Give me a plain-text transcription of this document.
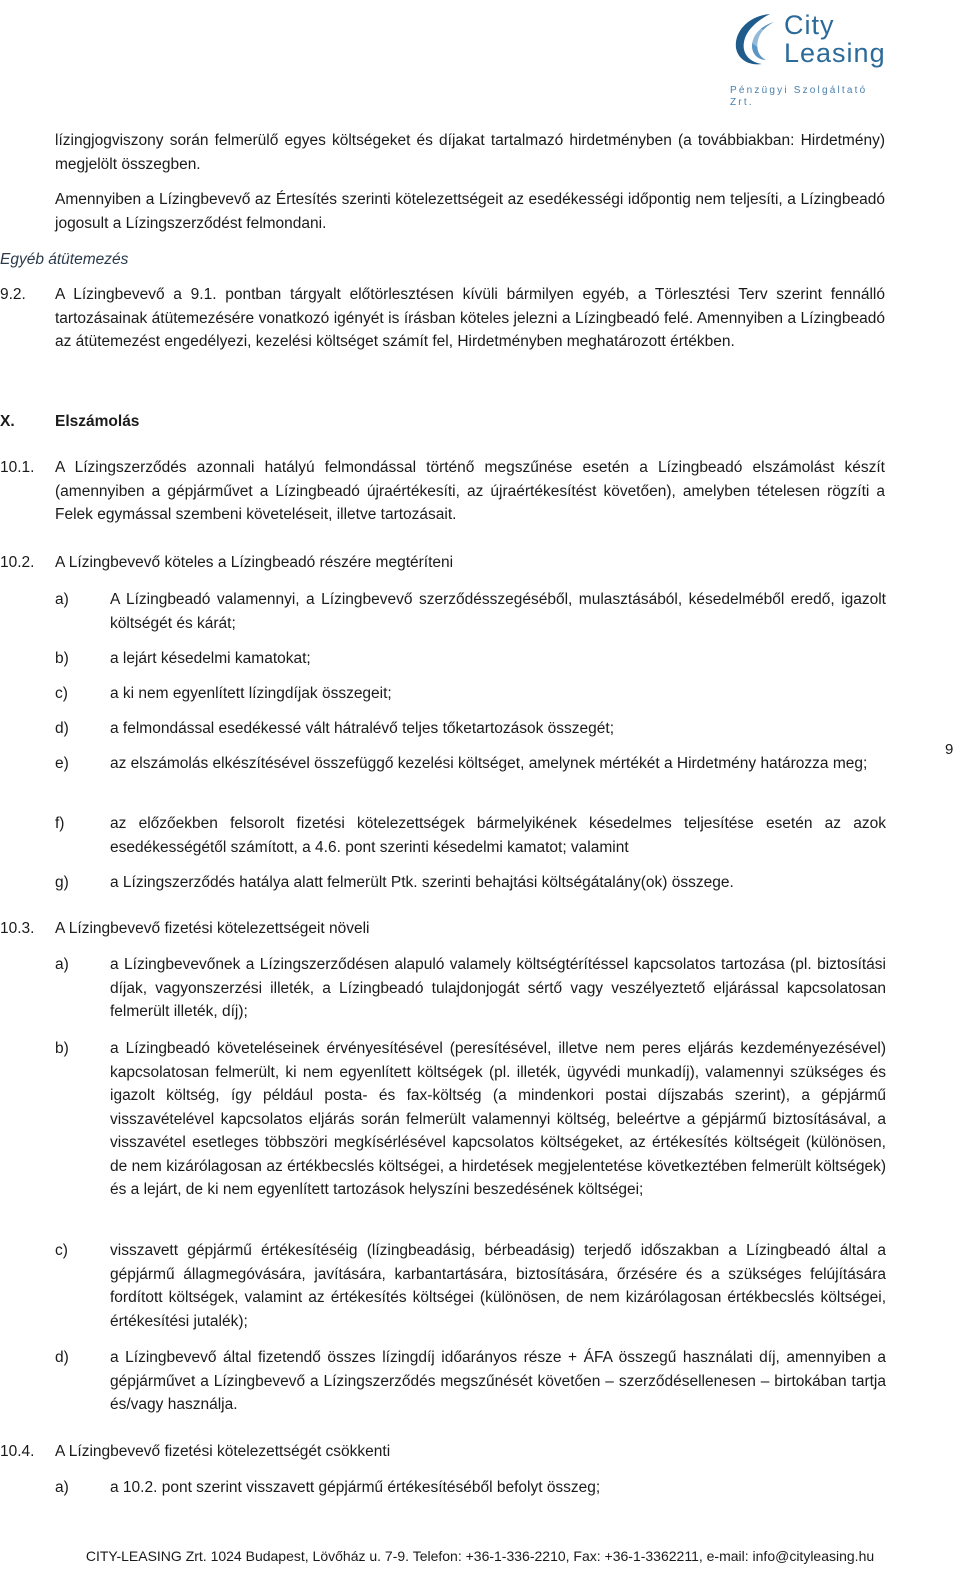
City
Leasing
Pénzügyi Szolgáltató Zrt.
lízingjogviszony során felmerülő egyes költségeket és díjakat tartalmazó hirdetményben (a továbbiakban: Hirdetmény) megjelölt összegben.
Amennyiben a Lízingbevevő az Értesítés szerinti kötelezettségeit az esedékességi időpontig nem teljesíti, a Lízingbeadó jogosult a Lízingszerződést felmondani.
Egyéb átütemezés
9.2. A Lízingbevevő a 9.1. pontban tárgyalt előtörlesztésen kívüli bármilyen egyéb, a Törlesztési Terv szerint fennálló tartozásainak átütemezésére vonatkozó igényét is írásban köteles jelezni a Lízingbeadó felé. Amennyiben a Lízingbeadó az átütemezést engedélyezi, kezelési költséget számít fel, Hirdetményben meghatározott értékben.
X.	Elszámolás
10.1. A Lízingszerződés azonnali hatályú felmondással történő megszűnése esetén a Lízingbeadó elszámolást készít (amennyiben a gépjárművet a Lízingbeadó újraértékesíti, az újraértékesítést követően), amelyben tételesen rögzíti a Felek egymással szembeni követeléseit, illetve tartozásait.
10.2. A Lízingbevevő köteles a Lízingbeadó részére megtéríteni
a)	A Lízingbeadó valamennyi, a Lízingbevevő szerződésszegéséből, mulasztásából, késedelméből eredő, igazolt költségét és kárát;
b)	a lejárt késedelmi kamatokat;
c)	a ki nem egyenlített lízingdíjak összegeit;
d)	a felmondással esedékessé vált hátralévő teljes tőketartozások összegét;
e)	az elszámolás elkészítésével összefüggő kezelési költséget, amelynek mértékét a Hirdetmény határozza meg;
f)	az előzőekben felsorolt fizetési kötelezettségek bármelyikének késedelmes teljesítése esetén az azok esedékességétől számított, a 4.6. pont szerinti késedelmi kamatot; valamint
g)	a Lízingszerződés hatálya alatt felmerült Ptk. szerinti behajtási költségátalány(ok) összege.
10.3. A Lízingbevevő fizetési kötelezettségeit növeli
a)	a Lízingbevevőnek a Lízingszerződésen alapuló valamely költségtérítéssel kapcsolatos tartozása (pl. biztosítási díjak, vagyonszerzési illeték, a Lízingbeadó tulajdonjogát sértő vagy veszélyeztető eljárással kapcsolatosan felmerült illeték, díj);
b)	a Lízingbeadó követeléseinek érvényesítésével (peresítésével, illetve nem peres eljárás kezdeményezésével) kapcsolatosan felmerült, ki nem egyenlített költségek (pl. illeték, ügyvédi munkadíj), valamennyi szükséges és igazolt költség, így például posta- és fax-költség (a mindenkori postai díjszabás szerint), a gépjármű visszavételével kapcsolatos eljárás során felmerült valamennyi költség, beleértve a gépjármű biztosításával, a visszavétel esetleges többszöri megkísérlésével kapcsolatos költségeket, az értékesítés költségeit (különösen, de nem kizárólagosan az értékbecslés költségei, a hirdetések megjelentetése következtében felmerült költségek) és a lejárt, de ki nem egyenlített tartozások helyszíni beszedésének költségei;
c)	visszavett gépjármű értékesítéséig (lízingbeadásig, bérbeadásig) terjedő időszakban a Lízingbeadó által a gépjármű állagmegóvására, javítására, karbantartására, biztosítására, őrzésére és a szükséges felújítására fordított költségek, valamint az értékesítés költségei (különösen, de nem kizárólagosan értékbecslés költségei, értékesítési jutalék);
d)	a Lízingbevevő által fizetendő összes lízingdíj időarányos része + ÁFA összegű használati díj, amennyiben a gépjárművet a Lízingbevevő a Lízingszerződés megszűnését követően – szerződésellenesen – birtokában tartja és/vagy használja.
10.4. A Lízingbevevő fizetési kötelezettségét csökkenti
a)	a 10.2. pont szerint visszavett gépjármű értékesítéséből befolyt összeg;
9
CITY-LEASING Zrt. 1024 Budapest, Lövőház u. 7-9. Telefon: +36-1-336-2210, Fax: +36-1-3362211, e-mail: info@cityleasing.hu
